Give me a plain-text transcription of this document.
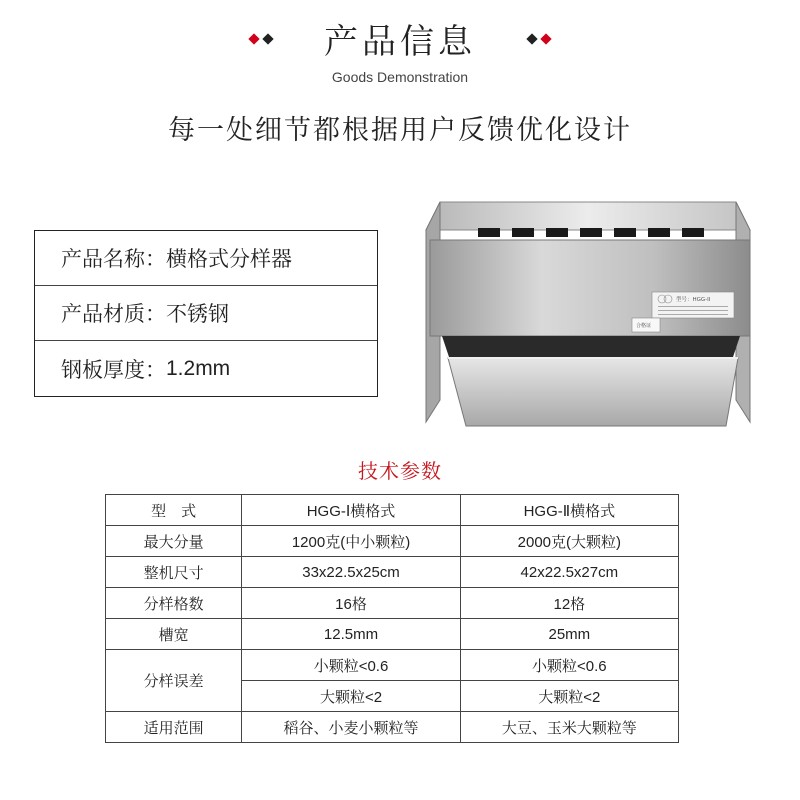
产品信息
Goods Demonstration
每一处细节都根据用户反馈优化设计
产品名称： 横格式分样器
产品材质： 不锈钢
钢板厚度： 1.2mm
型号：HGG-II
合格证
技术参数
型　式	HGG-Ⅰ横格式	HGG-Ⅱ横格式
最大分量	1200克(中小颗粒)	2000克(大颗粒)
整机尺寸	33x22.5x25cm	42x22.5x27cm
分样格数	16格	12格
槽宽	12.5mm	25mm
分样误差	小颗粒<0.6	小颗粒<0.6
	大颗粒<2	大颗粒<2
适用范围	稻谷、小麦小颗粒等	大豆、玉米大颗粒等
